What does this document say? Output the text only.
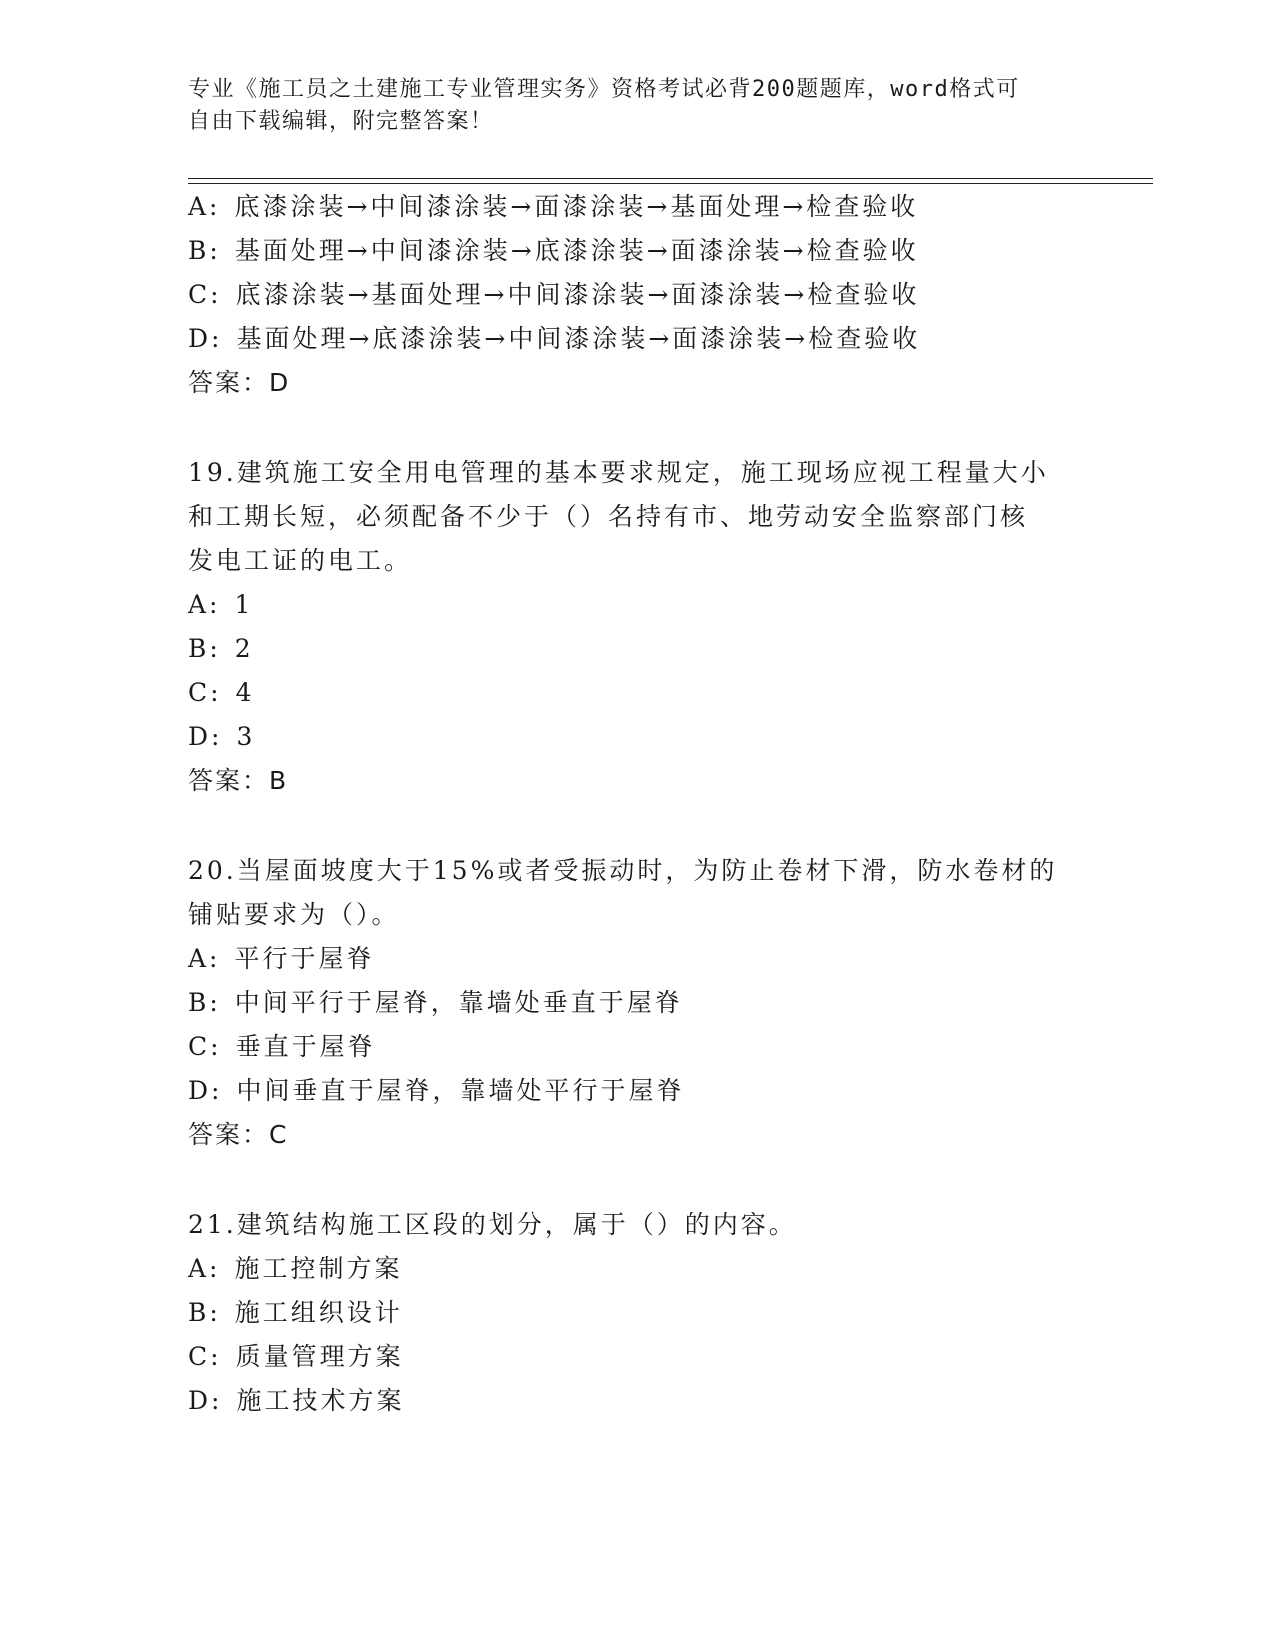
专业《施工员之土建施工专业管理实务》资格考试必背200题题库，word格式可
自由下载编辑，附完整答案！
A: 底漆涂装→中间漆涂装→面漆涂装→基面处理→检查验收
B: 基面处理→中间漆涂装→底漆涂装→面漆涂装→检查验收
C: 底漆涂装→基面处理→中间漆涂装→面漆涂装→检查验收
D: 基面处理→底漆涂装→中间漆涂装→面漆涂装→检查验收
答案：D
19.建筑施工安全用电管理的基本要求规定，施工现场应视工程量大小
和工期长短，必须配备不少于（）名持有市、地劳动安全监察部门核
发电工证的电工。
A: 1
B: 2
C: 4
D: 3
答案：B
20.当屋面坡度大于15%或者受振动时，为防止卷材下滑，防水卷材的
铺贴要求为（）。
A: 平行于屋脊
B: 中间平行于屋脊，靠墙处垂直于屋脊
C: 垂直于屋脊
D: 中间垂直于屋脊，靠墙处平行于屋脊
答案：C
21.建筑结构施工区段的划分，属于（）的内容。
A: 施工控制方案
B: 施工组织设计
C: 质量管理方案
D: 施工技术方案
